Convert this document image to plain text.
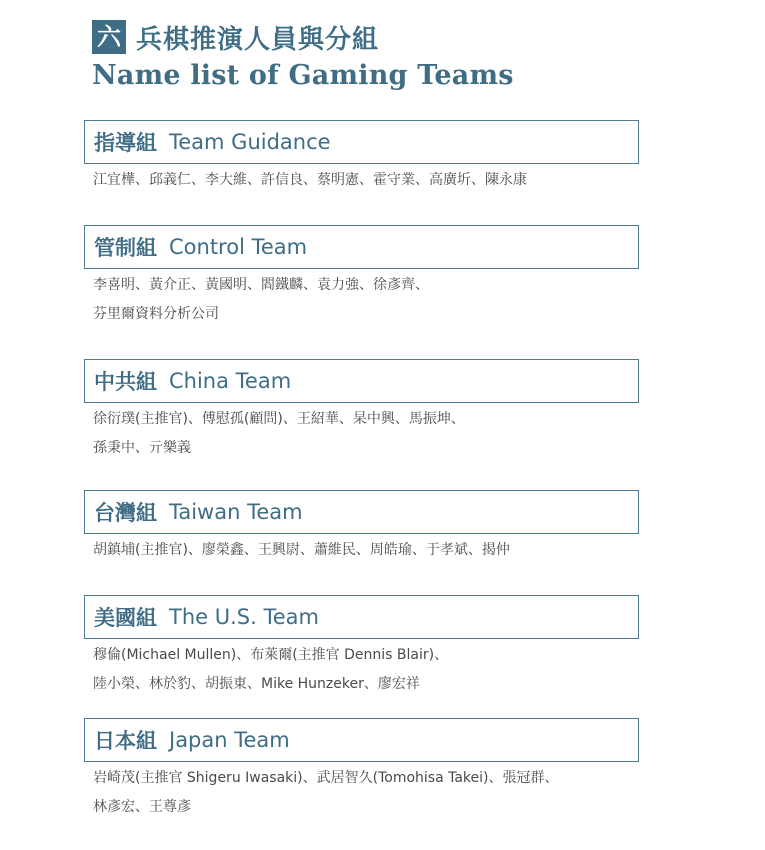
六 兵棋推演人員與分組
Name list of Gaming Teams
指導組 Team Guidance
江宜樺、邱義仁、李大維、許信良、蔡明憲、霍守業、高廣圻、陳永康
管制組 Control Team
李喜明、黃介正、黃國明、閻鐵麟、袁力強、徐彥齊、
芬里爾資料分析公司
中共組 China Team
徐衍璞(主推官)、傅慰孤(顧問)、王紹華、杲中興、馬振坤、
孫秉中、亓樂義
台灣組 Taiwan Team
胡鎮埔(主推官)、廖榮鑫、王興尉、蕭維民、周皓瑜、于孝斌、揭仲
美國組 The U.S. Team
穆倫(Michael Mullen)、布萊爾(主推官 Dennis Blair)、
陸小榮、林於豹、胡振東、Mike Hunzeker、廖宏祥
日本組 Japan Team
岩崎茂(主推官 Shigeru Iwasaki)、武居智久(Tomohisa Takei)、張冠群、
林彥宏、王尊彥
